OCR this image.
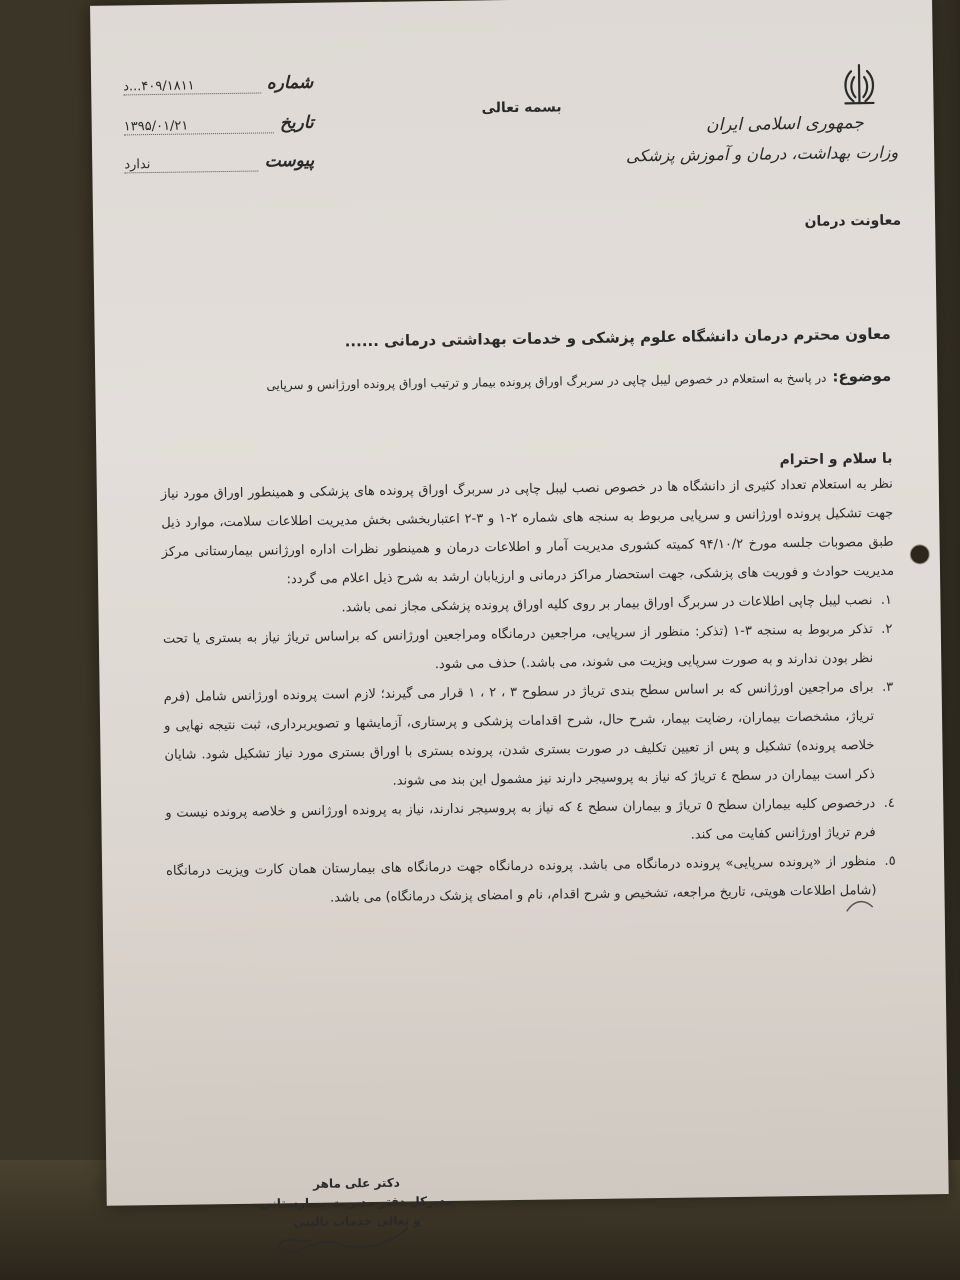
جمهوری اسلامی ایران
وزارت بهداشت، درمان و آموزش پزشکی
معاونت درمان
بسمه تعالی
شماره
۴۰۹/۱۸۱۱...د
تاریخ
۱۳۹۵/۰۱/۲۱
پیوست
ندارد
معاون محترم درمان دانشگاه علوم پزشکی و خدمات بهداشتی درمانی ......
موضوع:در پاسخ به استعلام در خصوص لیبل چاپی در سربرگ اوراق پرونده بیمار و ترتیب اوراق پرونده اورژانس و سرپایی
با سلام و احترام

نظر به استعلام تعداد کثیری از دانشگاه ها در خصوص نصب لیبل چاپی در سربرگ اوراق پرونده های پزشکی و همینطور اوراق مورد نیاز جهت تشکیل پرونده اورژانس و سرپایی مربوط به سنجه های شماره ۲-۱ و ۳-۲ اعتباربخشی بخش مدیریت اطلاعات سلامت، موارد ذیل طبق مصوبات جلسه مورخ ۹۴/۱۰/۲ کمیته کشوری مدیریت آمار و اطلاعات درمان و همینطور نظرات اداره اورژانس بیمارستانی مرکز مدیریت حوادث و فوریت های پزشکی، جهت استحضار مراکز درمانی و ارزیابان ارشد به شرح ذیل اعلام می گردد:

۱.
نصب لیبل چاپی اطلاعات در سربرگ اوراق بیمار بر روی کلیه اوراق پرونده پزشکی مجاز نمی باشد.
۲.
تذکر مربوط به سنجه ۳-۱ (تذکر: منظور از سرپایی، مراجعین درمانگاه ومراجعین اورژانس که براساس تریاژ نیاز به بستری یا تحت نظر بودن ندارند و به صورت سرپایی ویزیت می شوند، می باشد.) حذف می شود.
۳.
برای مراجعین اورژانس که بر اساس سطح بندی تریاژ در سطوح ۳ ، ۲ ، ۱ قرار می گیرند؛ لازم است پرونده اورژانس شامل (فرم تریاژ، مشخصات بیماران، رضایت بیمار، شرح حال، شرح اقدامات پزشکی و پرستاری، آزمایشها و تصویربرداری، ثبت نتیجه نهایی و خلاصه پرونده) تشکیل و پس از تعیین تکلیف در صورت بستری شدن، پرونده بستری با اوراق بستری مورد نیاز تشکیل شود. شایان ذکر است بیماران در سطح ٤ تریاژ که نیاز به پروسیجر دارند نیز مشمول این بند می شوند.
٤.
درخصوص کلیه بیماران سطح ٥ تریاژ و بیماران سطح ٤ که نیاز به پروسیجر ندارند، نیاز به پرونده اورژانس و خلاصه پرونده نیست و فرم تریاژ اورژانس کفایت می کند.
٥.
منظور از «پرونده سرپایی» پرونده درمانگاه می باشد. پرونده درمانگاه جهت درمانگاه های بیمارستان همان کارت ویزیت درمانگاه (شامل اطلاعات هویتی، تاریخ مراجعه، تشخیص و شرح اقدام، نام و امضای پزشک درمانگاه) می باشد.
دکتر علی ماهر
مدیرکل دفتر مدیریت بیمارستانی
و تعالی خدمات بالینی
